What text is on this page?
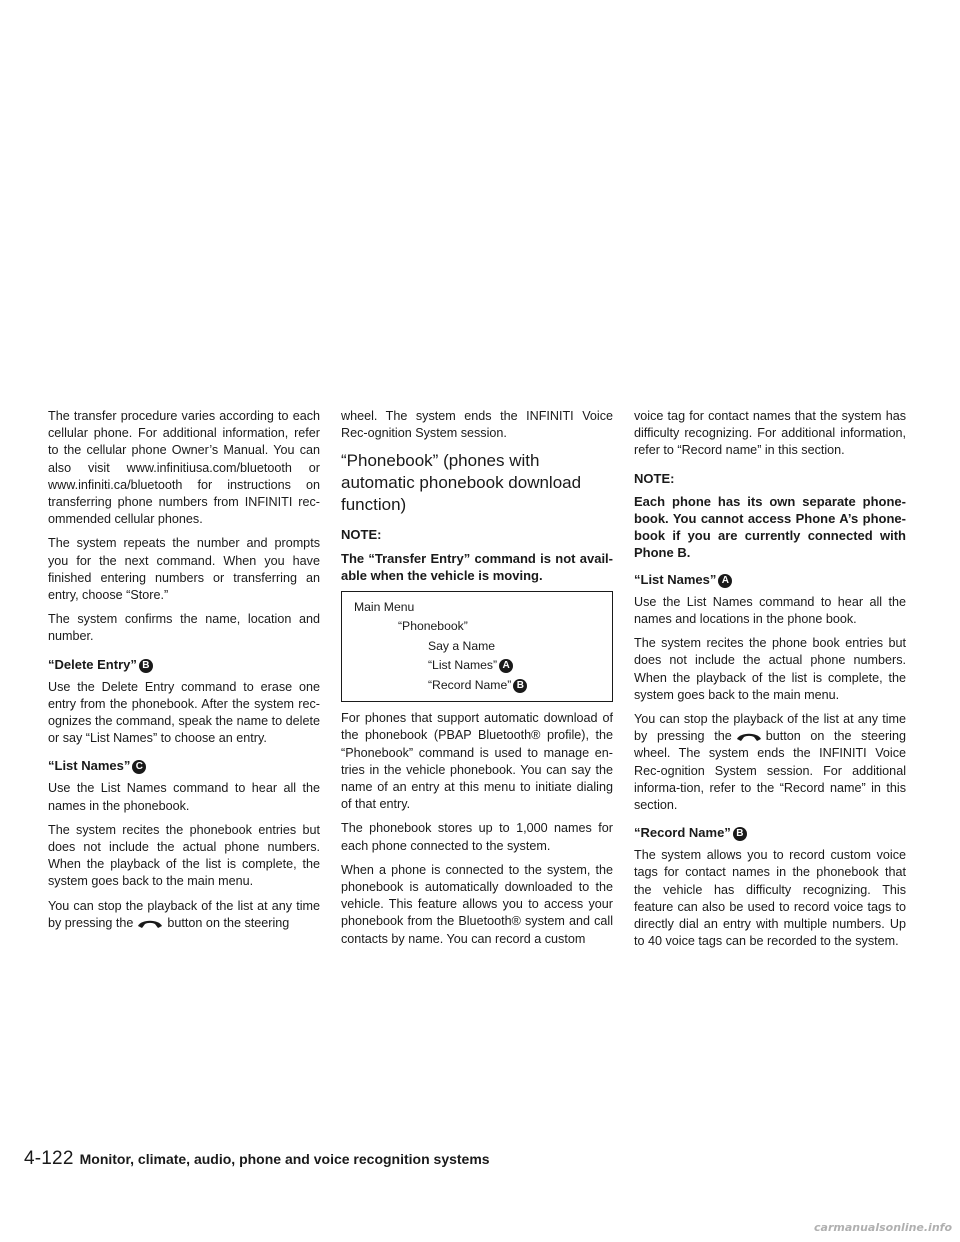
The transfer procedure varies according to each cellular phone. For additional information, refer to the cellular phone Owner’s Manual. You can also visit www.infinitiusa.com/bluetooth or www.infiniti.ca/bluetooth for instructions on transferring phone numbers from INFINITI rec-ommended cellular phones.

The system repeats the number and prompts you for the next command. When you have finished entering numbers or transferring an entry, choose “Store.”

The system confirms the name, location and number.

“Delete Entry” B

Use the Delete Entry command to erase one entry from the phonebook. After the system rec-ognizes the command, speak the name to delete or say “List Names” to choose an entry.

“List Names” C

Use the List Names command to hear all the names in the phonebook.

The system recites the phonebook entries but does not include the actual phone numbers. When the playback of the list is complete, the system goes back to the main menu.

You can stop the playback of the list at any time by pressing the	button on the steering

wheel. The system ends the INFINITI Voice Rec-ognition System session.

“Phonebook” (phones with automatic phonebook download function)
NOTE:

The “Transfer Entry” command is not avail-able when the vehicle is moving.

Main Menu
“Phonebook”
Say a Name
“List Names” A
“Record Name” B

For phones that support automatic download of the phonebook (PBAP Bluetooth® profile), the “Phonebook” command is used to manage en-tries in the vehicle phonebook. You can say the name of an entry at this menu to initiate dialing of that entry.

The phonebook stores up to 1,000 names for each phone connected to the system.

When a phone is connected to the system, the phonebook is automatically downloaded to the vehicle. This feature allows you to access your phonebook from the Bluetooth® system and call contacts by name. You can record a custom

voice tag for contact names that the system has difficulty recognizing. For additional information, refer to “Record name” in this section.

NOTE:

Each phone has its own separate phone-book. You cannot access Phone A’s phone-book if you are currently connected with Phone B.

“List Names” A

Use the List Names command to hear all the names and locations in the phone book.

The system recites the phone book entries but does not include the actual phone numbers. When the playback of the list is complete, the system goes back to the main menu.

You can stop the playback of the list at any time by pressing the	button on the steering wheel. The system ends the INFINITI Voice Rec-ognition System session. For additional informa-tion, refer to the “Record name” in this section.

“Record Name” B

The system allows you to record custom voice tags for contact names in the phonebook that the vehicle has difficulty recognizing. This feature can also be used to record voice tags to directly dial an entry with multiple numbers. Up to 40 voice tags can be recorded to the system.

4-122 Monitor, climate, audio, phone and voice recognition systems
carmanualsonline.info
